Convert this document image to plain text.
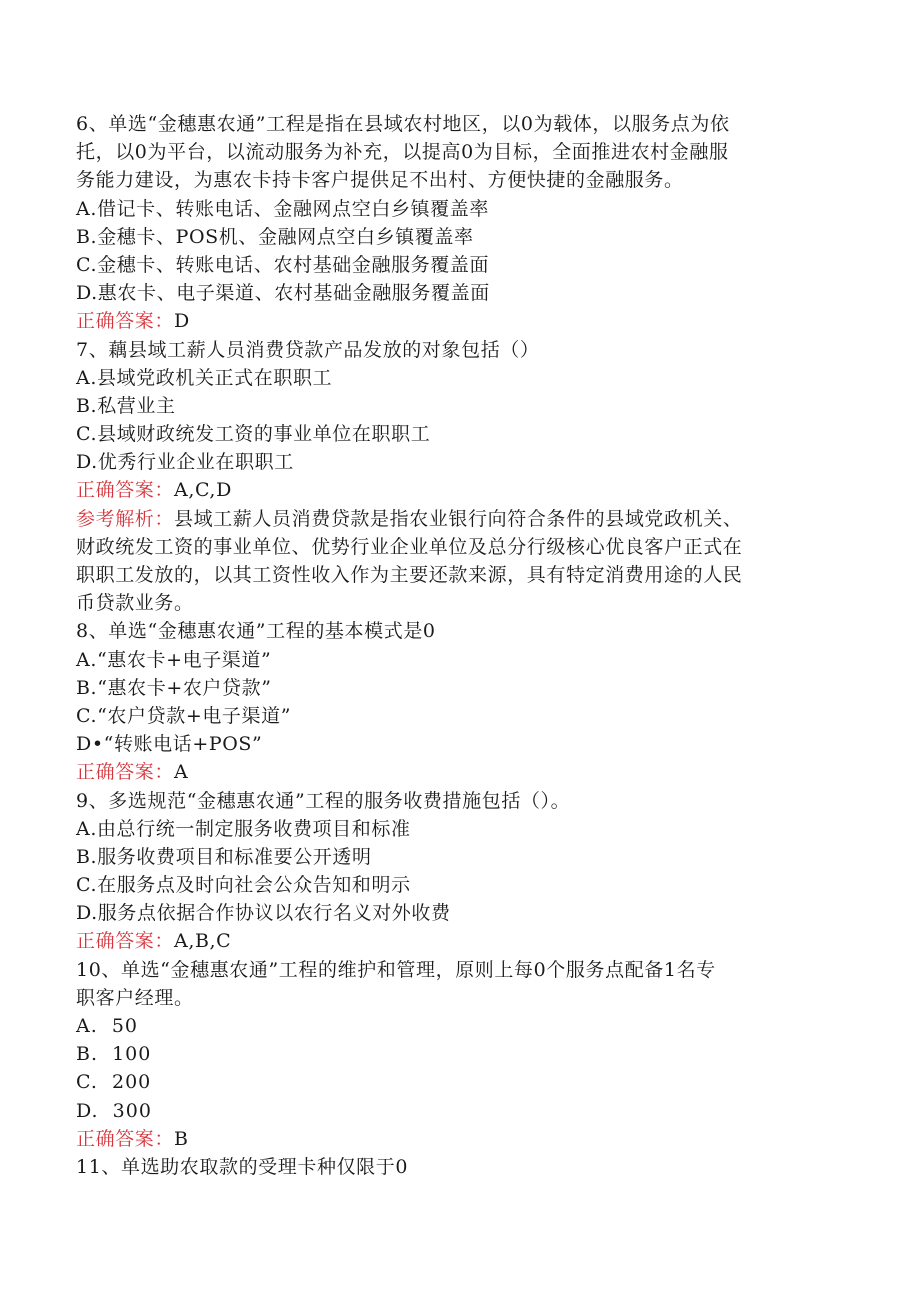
6、单选“金穗惠农通”工程是指在县域农村地区，以0为载体，以服务点为依
托，以0为平台，以流动服务为补充，以提高0为目标，全面推进农村金融服
务能力建设，为惠农卡持卡客户提供足不出村、方便快捷的金融服务。
A.借记卡、转账电话、金融网点空白乡镇覆盖率
B.金穗卡、POS机、金融网点空白乡镇覆盖率
C.金穗卡、转账电话、农村基础金融服务覆盖面
D.惠农卡、电子渠道、农村基础金融服务覆盖面
正确答案：D
7、藕县域工薪人员消费贷款产品发放的对象包括（）
A.县域党政机关正式在职职工
B.私营业主
C.县域财政统发工资的事业单位在职职工
D.优秀行业企业在职职工
正确答案：A,C,D
参考解析：县域工薪人员消费贷款是指农业银行向符合条件的县域党政机关、
财政统发工资的事业单位、优势行业企业单位及总分行级核心优良客户正式在
职职工发放的，以其工资性收入作为主要还款来源，具有特定消费用途的人民
币贷款业务。
8、单选“金穗惠农通”工程的基本模式是0
A.“惠农卡+电子渠道”
B.“惠农卡+农户贷款”
C.“农户贷款+电子渠道”
D•“转账电话+POS”
正确答案：A
9、多选规范“金穗惠农通”工程的服务收费措施包括（）。
A.由总行统一制定服务收费项目和标准
B.服务收费项目和标准要公开透明
C.在服务点及时向社会公众告知和明示
D.服务点依据合作协议以农行名义对外收费
正确答案：A,B,C
10、单选“金穗惠农通”工程的维护和管理，原则上每0个服务点配备1名专
职客户经理。
A.  50
B.  100
C.  200
D.  300
正确答案：B
11、单选助农取款的受理卡种仅限于0
